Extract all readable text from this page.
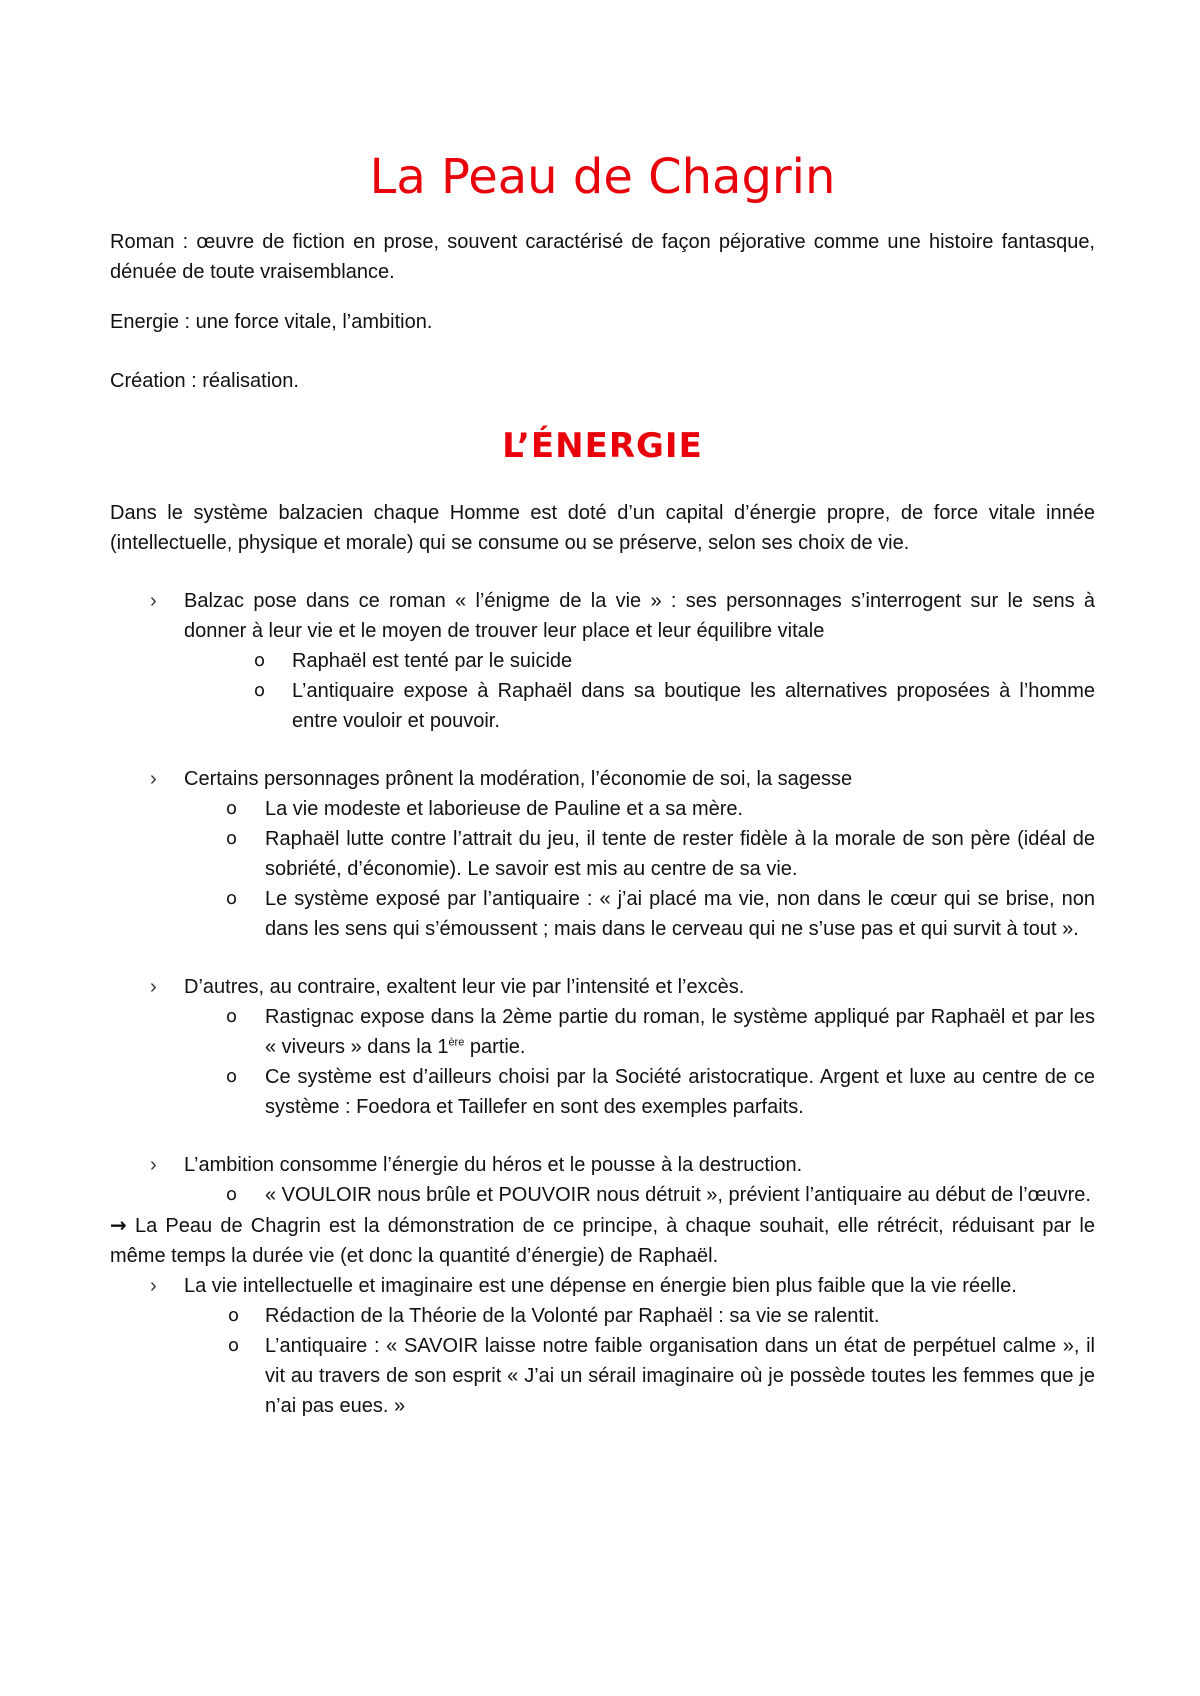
La Peau de Chagrin

Roman : œuvre de fiction en prose, souvent caractérisé de façon péjorative comme une histoire fantasque, dénuée de toute vraisemblance.

Energie : une force vitale, l’ambition.

Création : réalisation.

L’ÉNERGIE

Dans le système balzacien chaque Homme est doté d’un capital d’énergie propre, de force vitale innée (intellectuelle, physique et morale) qui se consume ou se préserve, selon ses choix de vie.

› Balzac pose dans ce roman « l’énigme de la vie » : ses personnages s’interrogent sur le sens à donner à leur vie et le moyen de trouver leur place et leur équilibre vitale
o Raphaël est tenté par le suicide
o L’antiquaire expose à Raphaël dans sa boutique les alternatives proposées à l’homme entre vouloir et pouvoir.
› Certains personnages prônent la modération, l’économie de soi, la sagesse
o La vie modeste et laborieuse de Pauline et a sa mère.
o Raphaël lutte contre l’attrait du jeu, il tente de rester fidèle à la morale de son père (idéal de sobriété, d’économie). Le savoir est mis au centre de sa vie.
o Le système exposé par l’antiquaire : « j’ai placé ma vie, non dans le cœur qui se brise, non dans les sens qui s’émoussent ; mais dans le cerveau qui ne s’use pas et qui survit à tout ».
› D’autres, au contraire, exaltent leur vie par l’intensité et l’excès.
o Rastignac expose dans la 2ème partie du roman, le système appliqué par Raphaël et par les « viveurs » dans la 1ère partie.
o Ce système est d’ailleurs choisi par la Société aristocratique. Argent et luxe au centre de ce système : Foedora et Taillefer en sont des exemples parfaits.
› L’ambition consomme l’énergie du héros et le pousse à la destruction.
o « VOULOIR nous brûle et POUVOIR nous détruit », prévient l’antiquaire au début de l’œuvre.

→ La Peau de Chagrin est la démonstration de ce principe, à chaque souhait, elle rétrécit, réduisant par le même temps la durée vie (et donc la quantité d’énergie) de Raphaël.

› La vie intellectuelle et imaginaire est une dépense en énergie bien plus faible que la vie réelle.
o Rédaction de la Théorie de la Volonté par Raphaël : sa vie se ralentit.
o L’antiquaire : « SAVOIR laisse notre faible organisation dans un état de perpétuel calme », il vit au travers de son esprit « J’ai un sérail imaginaire où je possède toutes les femmes que je n’ai pas eues. »
